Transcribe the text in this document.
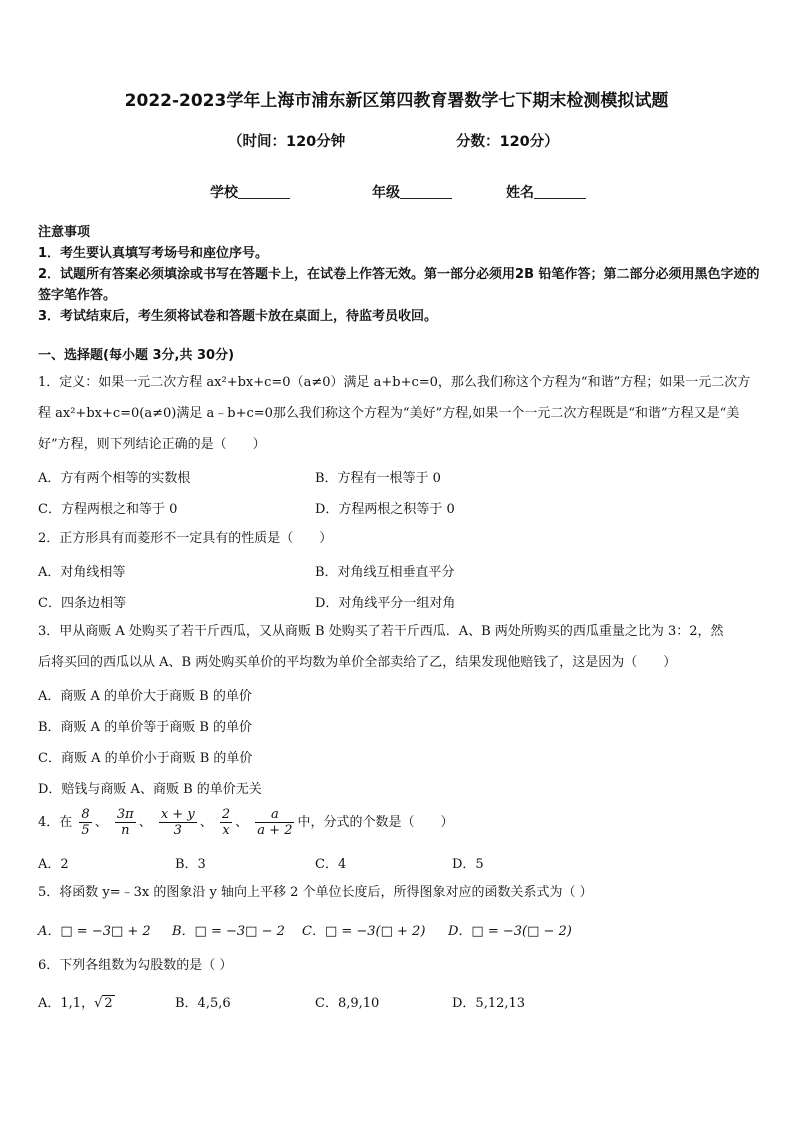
2022-2023学年上海市浦东新区第四教育署数学七下期末检测模拟试题
（时间：120分钟	分数：120分）
学校	年级	姓名
注意事项
1．考生要认真填写考场号和座位序号。
2．试题所有答案必须填涂或书写在答题卡上，在试卷上作答无效。第一部分必须用2B 铅笔作答；第二部分必须用黑色字迹的签字笔作答。
3．考试结束后，考生须将试卷和答题卡放在桌面上，待监考员收回。
一、选择题(每小题 3分,共 30分)
1．定义：如果一元二次方程 ax²+bx+c=0（a≠0）满足 a+b+c=0，那么我们称这个方程为“和谐”方程；如果一元二次方
程 ax²+bx+c=0(a≠0)满足 a﹣b+c=0那么我们称这个方程为“美好”方程,如果一个一元二次方程既是“和谐”方程又是“美
好”方程，则下列结论正确的是（　　）
A．方有两个相等的实数根	B．方程有一根等于 0
C．方程两根之和等于 0	D．方程两根之积等于 0
2．正方形具有而菱形不一定具有的性质是（　　）
A．对角线相等	B．对角线互相垂直平分
C．四条边相等	D．对角线平分一组对角
3．甲从商贩 A 处购买了若干斤西瓜，又从商贩 B 处购买了若干斤西瓜．A、B 两处所购买的西瓜重量之比为 3：2，然
后将买回的西瓜以从 A、B 两处购买单价的平均数为单价全部卖给了乙，结果发现他赔钱了，这是因为（　　）
A．商贩 A 的单价大于商贩 B 的单价
B．商贩 A 的单价等于商贩 B 的单价
C．商贩 A 的单价小于商贩 B 的单价
D．赔钱与商贩 A、商贩 B 的单价无关
4．在 $\frac{8}{5}$ 、 $\frac{3\pi}{n}$ 、 $\frac{x + y}{3}$ 、 $\frac{2}{x}$ 、 $\frac{a}{a + 2}$ 中，分式的个数是（　　）
A．2	B．3	C．4	D．5
5．将函数 y=﹣3x 的图象沿 y 轴向上平移 2 个单位长度后，所得图象对应的函数关系式为（ ）
A．□ = −3□ + 2 B．□ = −3□ − 2 C．□ = −3(□ + 2) D．□ = −3(□ − 2)
6．下列各组数为勾股数的是（ ）
A．1,1，√ 2	B．4,5,6	C．8,9,10	D．5,12,13
